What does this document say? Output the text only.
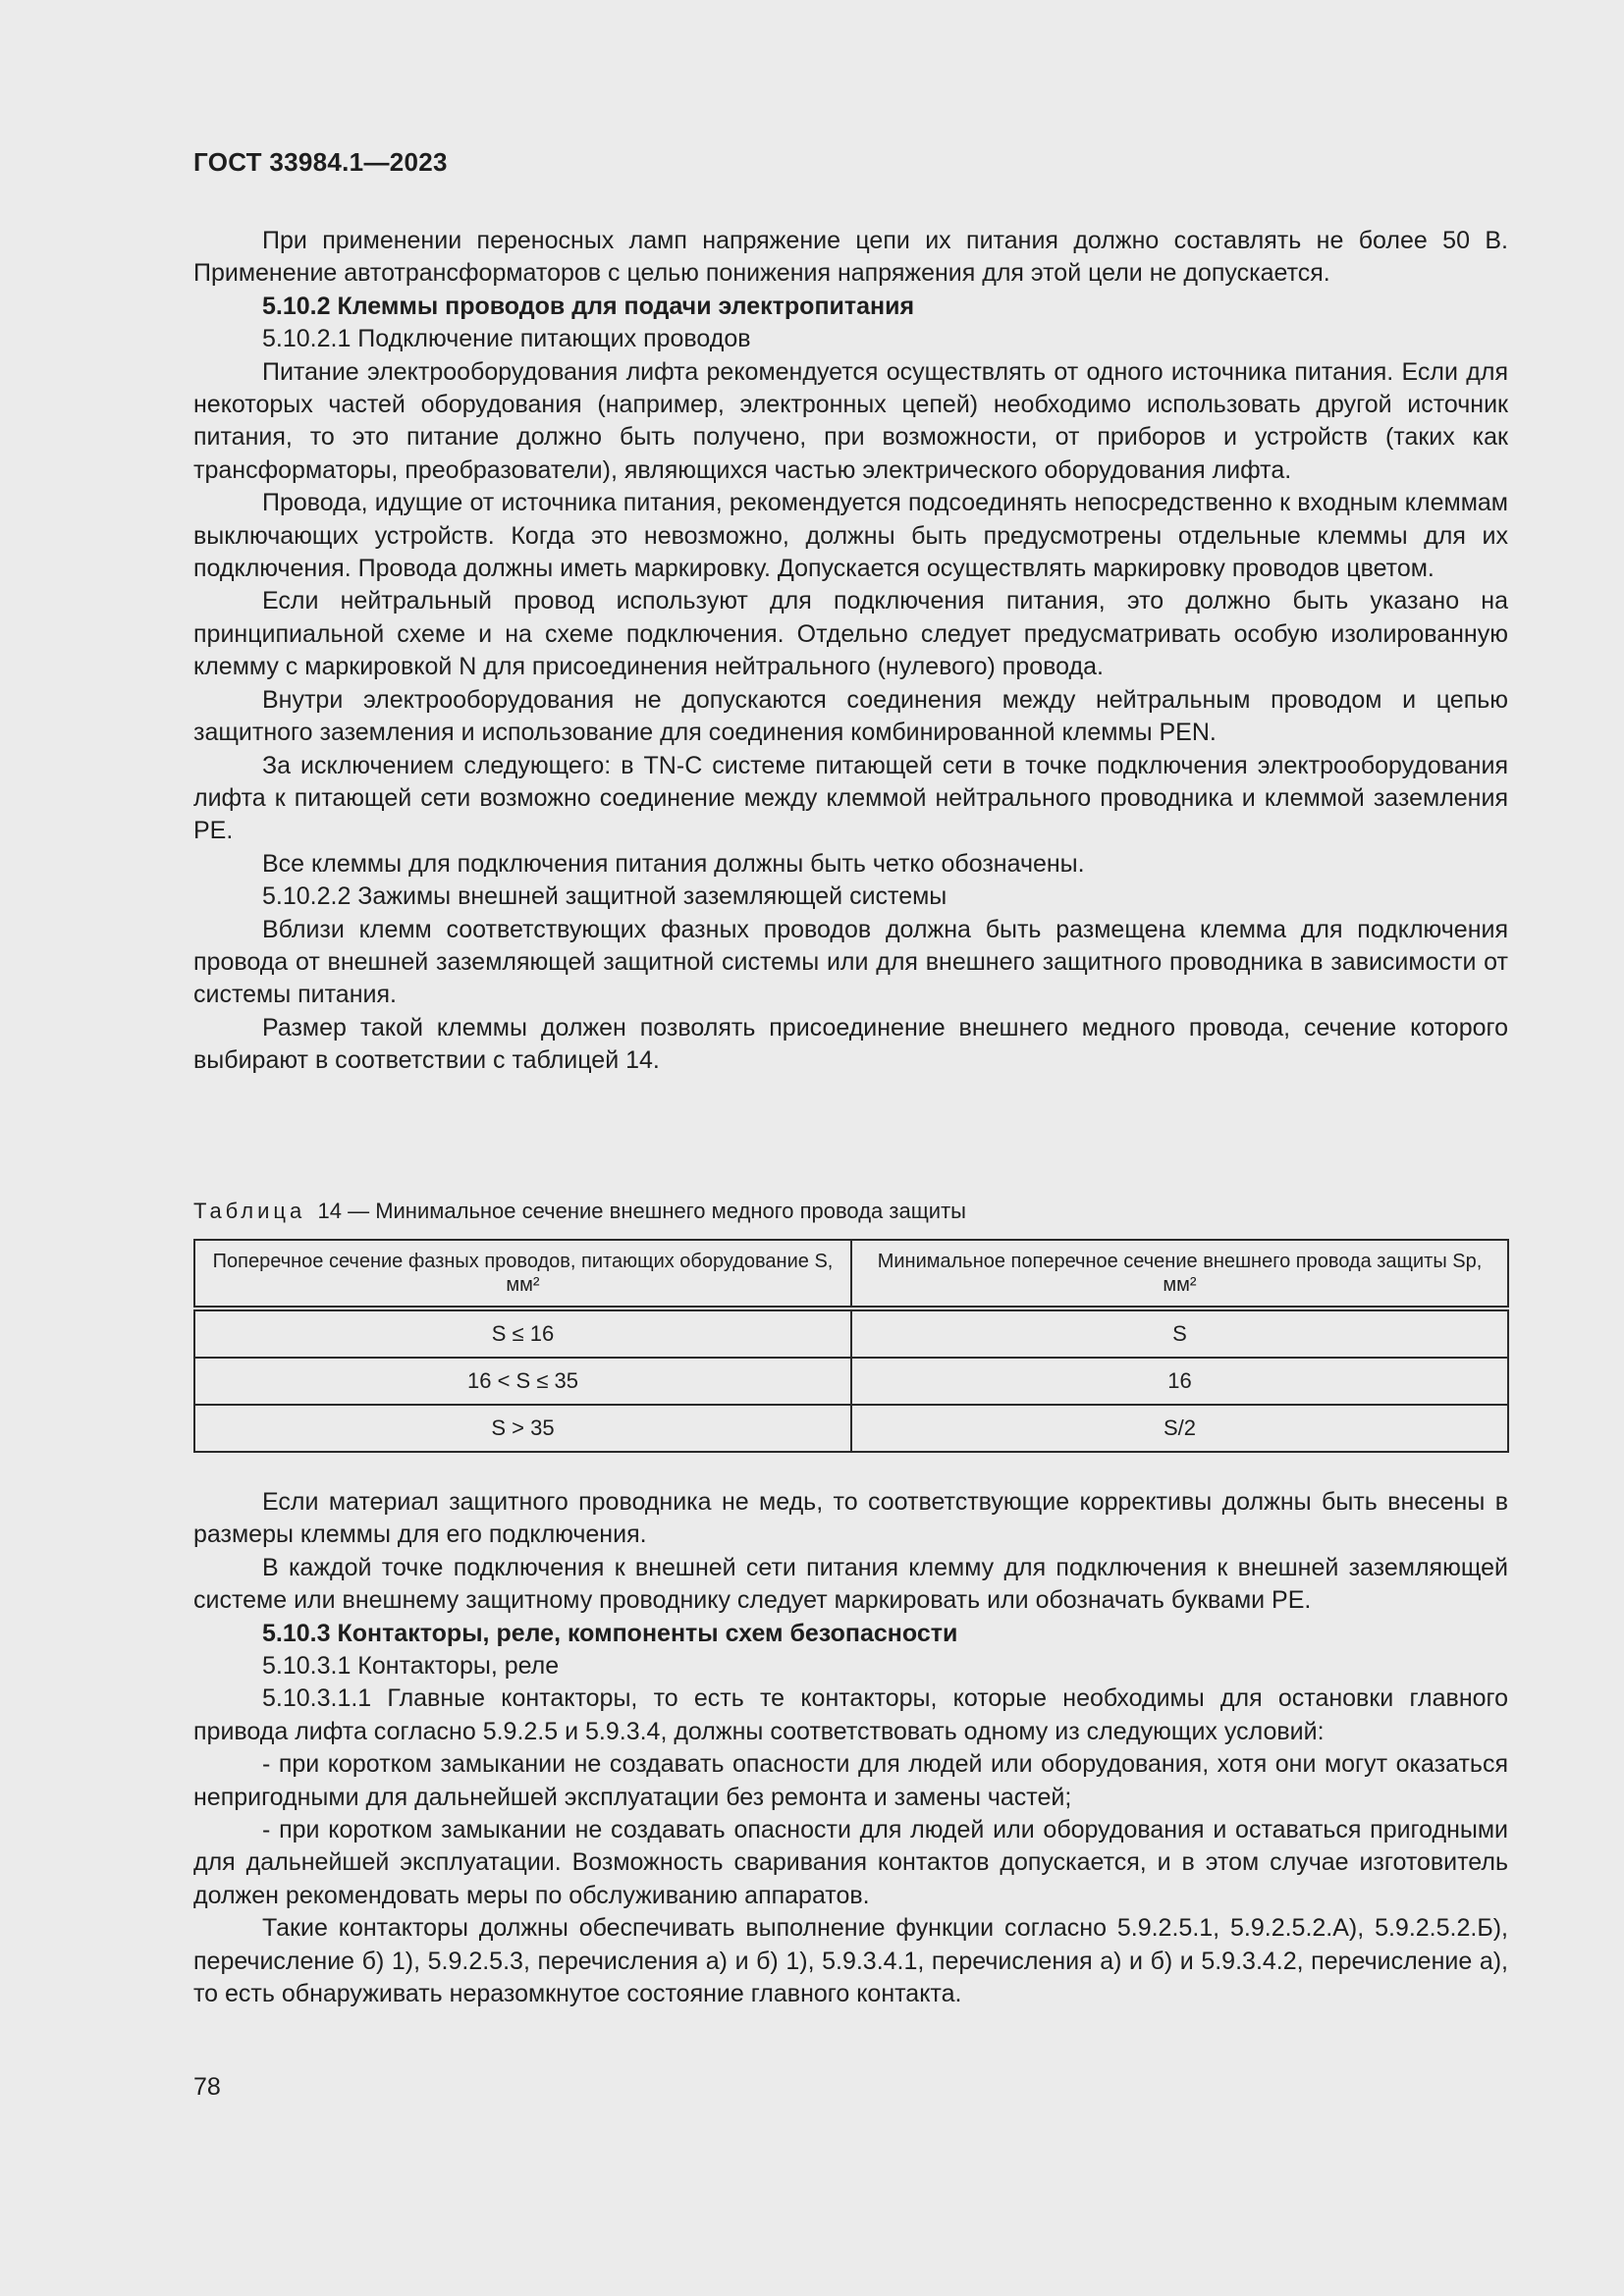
ГОСТ 33984.1—2023

При применении переносных ламп напряжение цепи их питания должно составлять не более 50 В. Применение автотрансформаторов с целью понижения напряжения для этой цели не допускается.

5.10.2 Клеммы проводов для подачи электропитания

5.10.2.1 Подключение питающих проводов

Питание электрооборудования лифта рекомендуется осуществлять от одного источника питания. Если для некоторых частей оборудования (например, электронных цепей) необходимо использовать другой источник питания, то это питание должно быть получено, при возможности, от приборов и устройств (таких как трансформаторы, преобразователи), являющихся частью электрического оборудования лифта.

Провода, идущие от источника питания, рекомендуется подсоединять непосредственно к входным клеммам выключающих устройств. Когда это невозможно, должны быть предусмотрены отдельные клеммы для их подключения. Провода должны иметь маркировку. Допускается осуществлять маркировку проводов цветом.

Если нейтральный провод используют для подключения питания, это должно быть указано на принципиальной схеме и на схеме подключения. Отдельно следует предусматривать особую изолированную клемму с маркировкой N для присоединения нейтрального (нулевого) провода.

Внутри электрооборудования не допускаются соединения между нейтральным проводом и цепью защитного заземления и использование для соединения комбинированной клеммы PEN.

За исключением следующего: в TN-C системе питающей сети в точке подключения электрооборудования лифта к питающей сети возможно соединение между клеммой нейтрального проводника и клеммой заземления PE.

Все клеммы для подключения питания должны быть четко обозначены.

5.10.2.2 Зажимы внешней защитной заземляющей системы

Вблизи клемм соответствующих фазных проводов должна быть размещена клемма для подключения провода от внешней заземляющей защитной системы или для внешнего защитного проводника в зависимости от системы питания.

Размер такой клеммы должен позволять присоединение внешнего медного провода, сечение которого выбирают в соответствии с таблицей 14.

Таблица 14 — Минимальное сечение внешнего медного провода защиты
Поперечное сечение фазных проводов, питающих оборудование S, мм²	Минимальное поперечное сечение внешнего провода защиты Sp, мм²
S ≤ 16	S
16 < S ≤ 35	16
S > 35	S/2

Если материал защитного проводника не медь, то соответствующие коррективы должны быть внесены в размеры клеммы для его подключения.

В каждой точке подключения к внешней сети питания клемму для подключения к внешней заземляющей системе или внешнему защитному проводнику следует маркировать или обозначать буквами PE.

5.10.3 Контакторы, реле, компоненты схем безопасности

5.10.3.1 Контакторы, реле

5.10.3.1.1 Главные контакторы, то есть те контакторы, которые необходимы для остановки главного привода лифта согласно 5.9.2.5 и 5.9.3.4, должны соответствовать одному из следующих условий:

- при коротком замыкании не создавать опасности для людей или оборудования, хотя они могут оказаться непригодными для дальнейшей эксплуатации без ремонта и замены частей;

- при коротком замыкании не создавать опасности для людей или оборудования и оставаться пригодными для дальнейшей эксплуатации. Возможность сваривания контактов допускается, и в этом случае изготовитель должен рекомендовать меры по обслуживанию аппаратов.

Такие контакторы должны обеспечивать выполнение функции согласно 5.9.2.5.1, 5.9.2.5.2.А), 5.9.2.5.2.Б), перечисление б) 1), 5.9.2.5.3, перечисления а) и б) 1), 5.9.3.4.1, перечисления а) и б) и 5.9.3.4.2, перечисление а), то есть обнаруживать неразомкнутое состояние главного контакта.

78
